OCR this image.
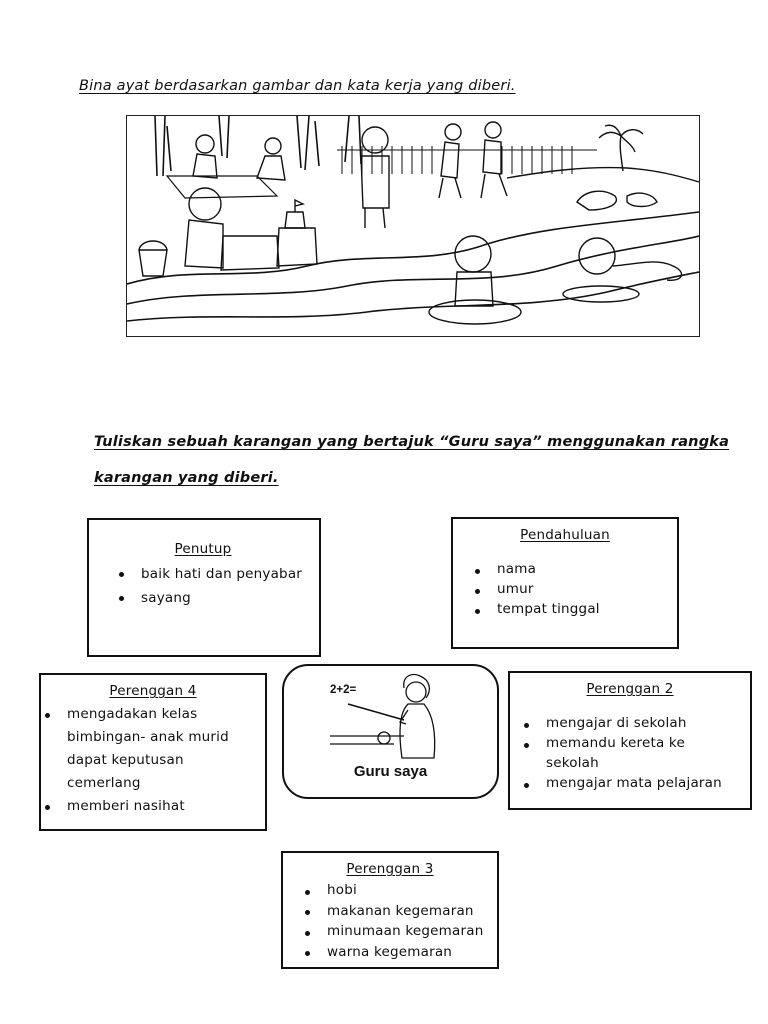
Bina ayat berdasarkan gambar dan kata kerja yang diberi.
Tuliskan sebuah karangan yang bertajuk “Guru saya” menggunakan rangka
karangan yang diberi.
Penutup
baik hati dan penyabar
sayang
Pendahuluan
nama
umur
tempat tinggal
Perenggan 4
mengadakan kelas bimbingan- anak murid dapat keputusan cemerlang
memberi nasihat
2+2=
Guru saya
Perenggan 2
mengajar di sekolah
memandu kereta ke sekolah
mengajar mata pelajaran
Perenggan 3
hobi
makanan kegemaran
minumaan kegemaran
warna kegemaran
